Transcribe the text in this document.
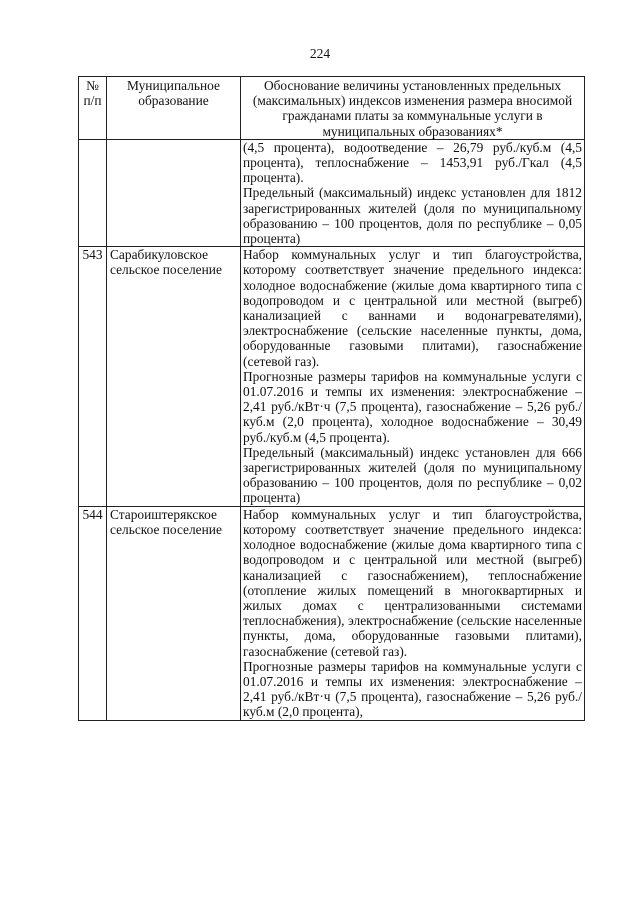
224
№ п/п	Муниципальное образование	Обоснование величины установленных предельных (максимальных) индексов изменения размера вносимой гражданами платы за коммунальные услуги в муниципальных образованиях*

		(4,5 процента), водоотведение – 26,79 руб./куб.м (4,5 процента), теплоснабжение – 1453,91 руб./Гкал (4,5 процента).
Предельный (максимальный) индекс установлен для 1812 зарегистрированных жителей (доля по муниципальному образованию – 100 процентов, доля по республике – 0,05 процента)

543	Сарабикуловское сельское поселение	Набор коммунальных услуг и тип благоустройства, которому соответствует значение предельного индекса: холодное водоснабжение (жилые дома квартирного типа с водопроводом и с центральной или местной (выгреб) канализацией с ваннами и водонагревателями), электроснабжение (сельские населенные пункты, дома, оборудованные газовыми плитами), газоснабжение (сетевой газ).
Прогнозные размеры тарифов на коммунальные услуги с 01.07.2016 и темпы их изменения: электроснабжение – 2,41 руб./кВт·ч (7,5 процента), газоснабжение – 5,26 руб./куб.м (2,0 процента), холодное водоснабжение – 30,49 руб./куб.м (4,5 процента).
Предельный (максимальный) индекс установлен для 666 зарегистрированных жителей (доля по муниципальному образованию – 100 процентов, доля по республике – 0,02 процента)

544	Староиштерякское сельское поселение	Набор коммунальных услуг и тип благоустройства, которому соответствует значение предельного индекса: холодное водоснабжение (жилые дома квартирного типа с водопроводом и с центральной или местной (выгреб) канализацией с газоснабжением), теплоснабжение (отопление жилых помещений в многоквартирных и жилых домах с централизованными системами теплоснабжения), электроснабжение (сельские населенные пункты, дома, оборудованные газовыми плитами), газоснабжение (сетевой газ).
Прогнозные размеры тарифов на коммунальные услуги с 01.07.2016 и темпы их изменения: электроснабжение – 2,41 руб./кВт·ч (7,5 процента), газоснабжение – 5,26 руб./куб.м (2,0 процента),
